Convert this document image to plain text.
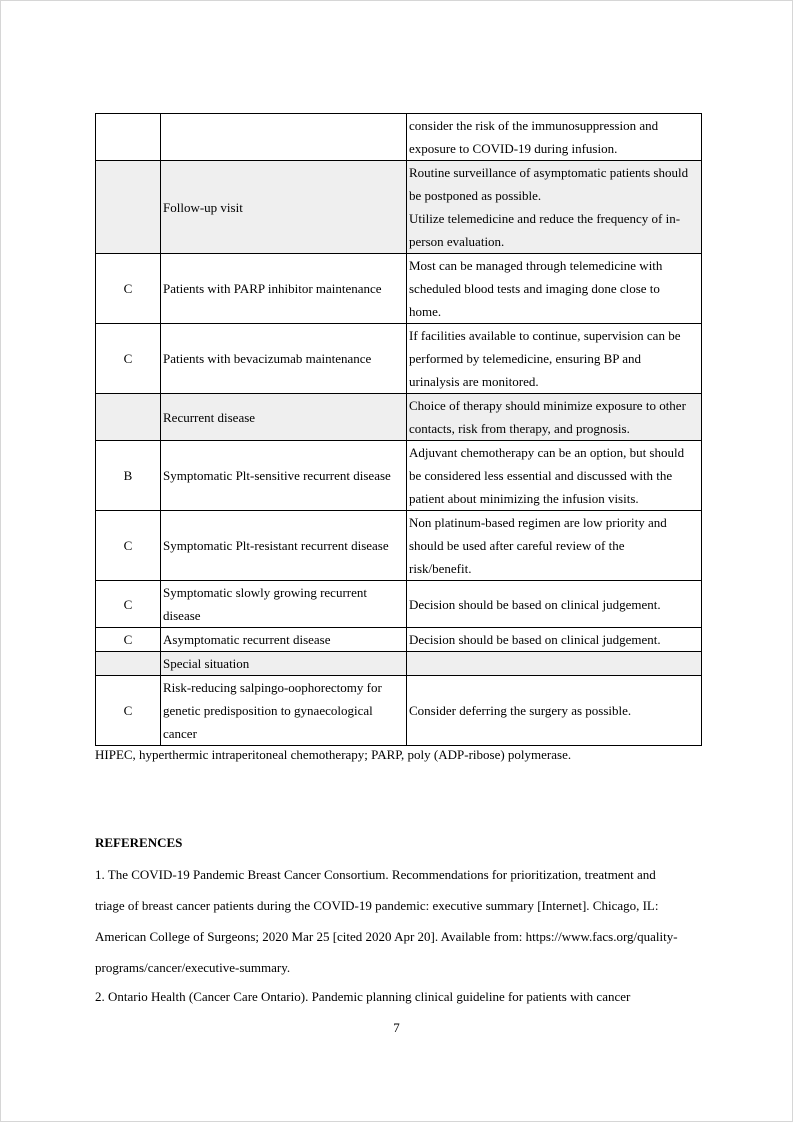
		consider the risk of the immunosuppression and
exposure to COVID-19 during infusion.

	Follow-up visit	Routine surveillance of asymptomatic patients should
be postponed as possible.
Utilize telemedicine and reduce the frequency of in-
person evaluation.

C	Patients with PARP inhibitor maintenance	Most can be managed through telemedicine with
scheduled blood tests and imaging done close to
home.

C	Patients with bevacizumab maintenance	If facilities available to continue, supervision can be
performed by telemedicine, ensuring BP and
urinalysis are monitored.

	Recurrent disease	Choice of therapy should minimize exposure to other
contacts, risk from therapy, and prognosis.

B	Symptomatic Plt-sensitive recurrent disease	Adjuvant chemotherapy can be an option, but should
be considered less essential and discussed with the
patient about minimizing the infusion visits.

C	Symptomatic Plt-resistant recurrent disease	Non platinum-based regimen are low priority and
should be used after careful review of the
risk/benefit.

C	Symptomatic slowly growing recurrent
disease	Decision should be based on clinical judgement.

C	Asymptomatic recurrent disease	Decision should be based on clinical judgement.

	Special situation	
C	Risk-reducing salpingo-oophorectomy for
genetic predisposition to gynaecological
cancer	Consider deferring the surgery as possible.
HIPEC, hyperthermic intraperitoneal chemotherapy; PARP, poly (ADP-ribose) polymerase.
REFERENCES
1. The COVID-19 Pandemic Breast Cancer Consortium. Recommendations for prioritization, treatment and
triage of breast cancer patients during the COVID-19 pandemic: executive summary [Internet]. Chicago, IL:
American College of Surgeons; 2020 Mar 25 [cited 2020 Apr 20]. Available from: https://www.facs.org/quality-
programs/cancer/executive-summary.
2. Ontario Health (Cancer Care Ontario). Pandemic planning clinical guideline for patients with cancer
7
